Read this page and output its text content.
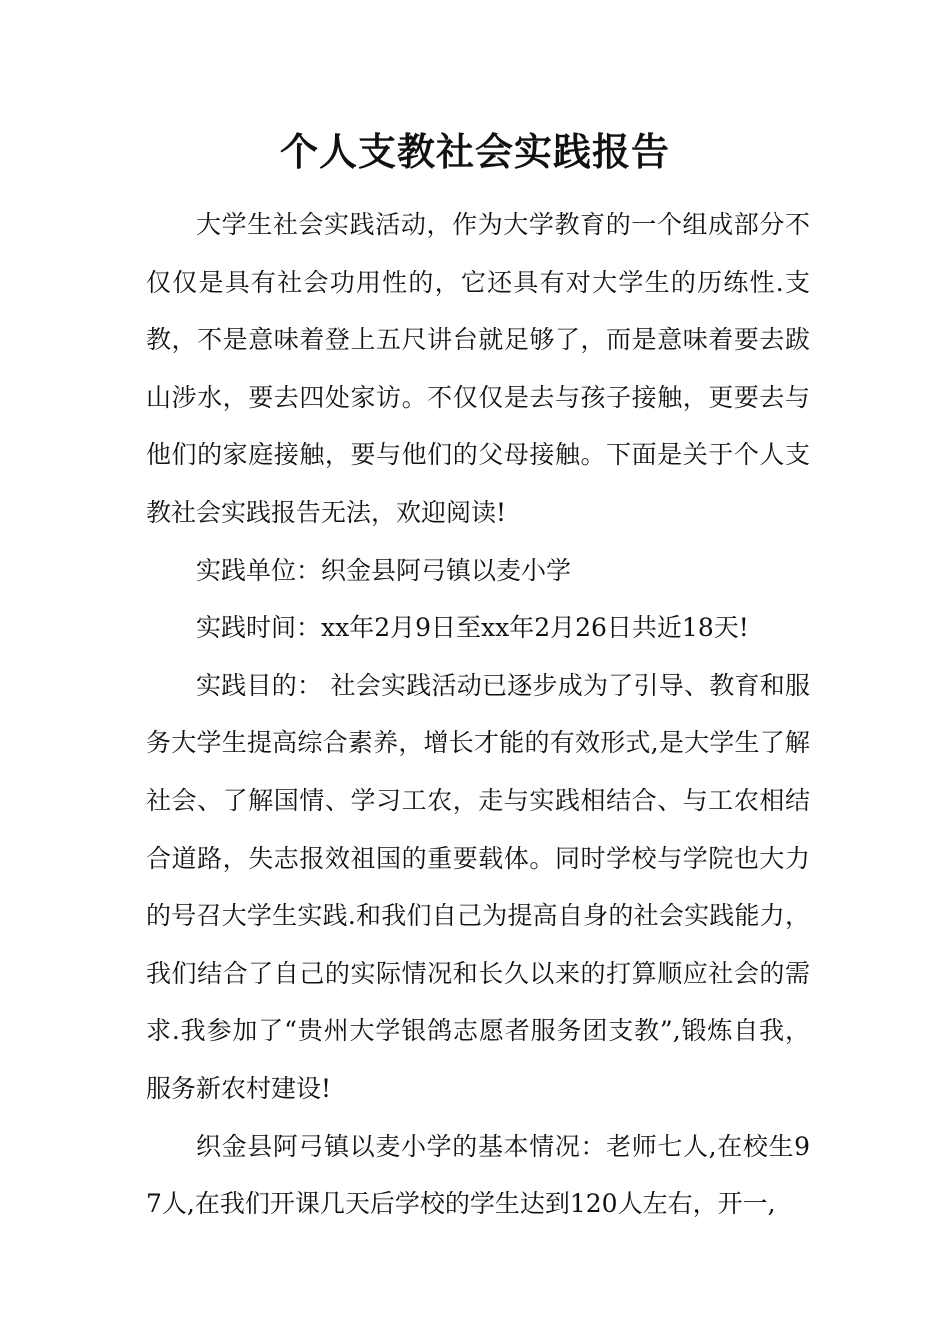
个人支教社会实践报告

大学生社会实践活动，作为大学教育的一个组成部分不仅仅是具有社会功用性的，它还具有对大学生的历练性.支教，不是意味着登上五尺讲台就足够了，而是意味着要去跋山涉水，要去四处家访。不仅仅是去与孩子接触，更要去与他们的家庭接触，要与他们的父母接触。下面是关于个人支教社会实践报告无法，欢迎阅读!

实践单位：织金县阿弓镇以麦小学

实践时间：xx年2月9日至xx年2月26日共近18天!

实践目的： 社会实践活动已逐步成为了引导、教育和服务大学生提高综合素养，增长才能的有效形式,是大学生了解社会、了解国情、学习工农，走与实践相结合、与工农相结合道路，失志报效祖国的重要载体。同时学校与学院也大力的号召大学生实践.和我们自己为提高自身的社会实践能力，我们结合了自己的实际情况和长久以来的打算顺应社会的需求.我参加了“贵州大学银鸽志愿者服务团支教”,锻炼自我，服务新农村建设!

织金县阿弓镇以麦小学的基本情况：老师七人,在校生97人,在我们开课几天后学校的学生达到120人左右，开一,
